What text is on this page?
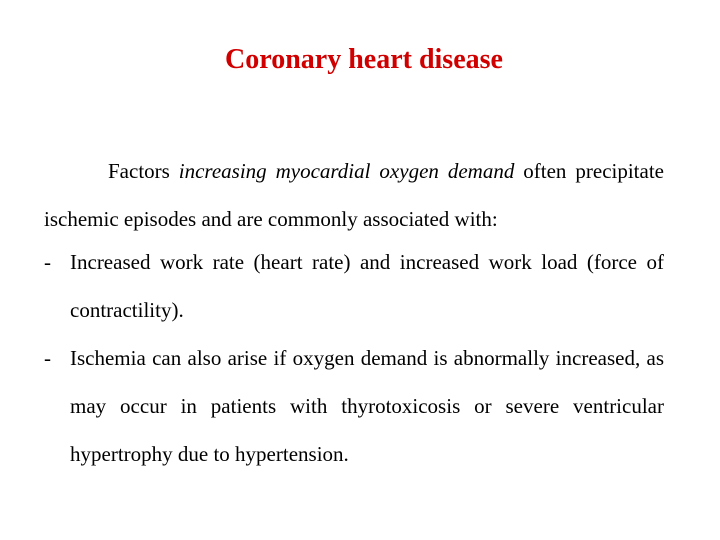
Coronary heart disease

Factors increasing myocardial oxygen demand often precipitate ischemic episodes and are commonly associated with:

- Increased work rate (heart rate) and increased work load (force of contractility).
- Ischemia can also arise if oxygen demand is abnormally increased, as may occur in patients with thyrotoxicosis or severe ventricular hypertrophy due to hypertension.
